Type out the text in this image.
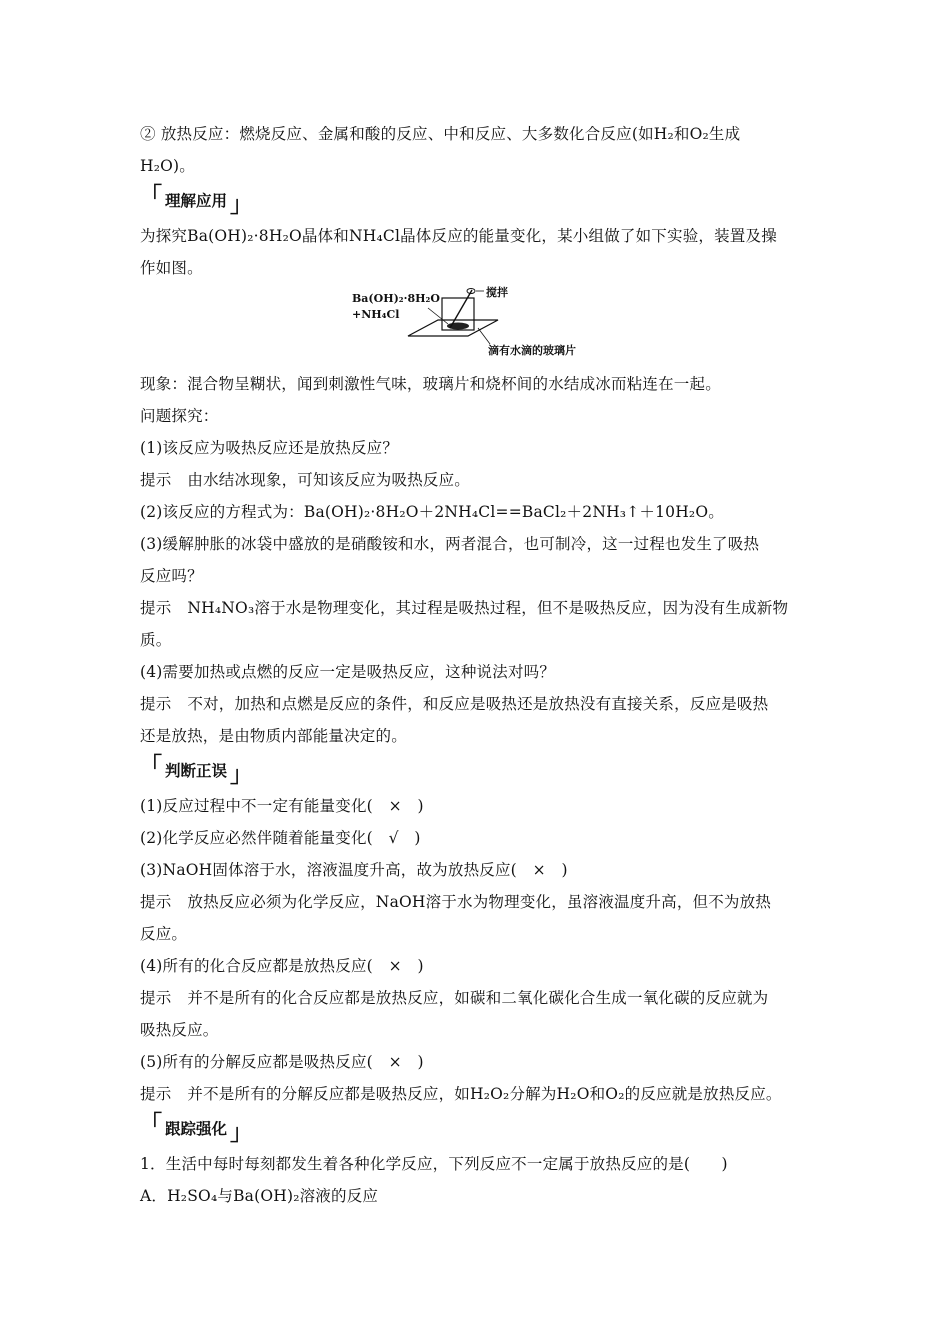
② 放热反应：燃烧反应、金属和酸的反应、中和反应、大多数化合反应(如H₂和O₂生成
H₂O)。
「 理解应用 」
为探究Ba(OH)₂·8H₂O晶体和NH₄Cl晶体反应的能量变化，某小组做了如下实验，装置及操
作如图。
Ba(OH)₂·8H₂O
+NH₄Cl
搅拌
滴有水滴的玻璃片
现象：混合物呈糊状，闻到刺激性气味，玻璃片和烧杯间的水结成冰而粘连在一起。
问题探究：
(1)该反应为吸热反应还是放热反应？
提示 由水结冰现象，可知该反应为吸热反应。
(2)该反应的方程式为：Ba(OH)₂·8H₂O＋2NH₄Cl==BaCl₂＋2NH₃↑＋10H₂O。
(3)缓解肿胀的冰袋中盛放的是硝酸铵和水，两者混合，也可制冷，这一过程也发生了吸热
反应吗？
提示 NH₄NO₃溶于水是物理变化，其过程是吸热过程，但不是吸热反应，因为没有生成新物
质。
(4)需要加热或点燃的反应一定是吸热反应，这种说法对吗？
提示 不对，加热和点燃是反应的条件，和反应是吸热还是放热没有直接关系，反应是吸热
还是放热，是由物质内部能量决定的。
「 判断正误 」
(1)反应过程中不一定有能量变化(　×　)
(2)化学反应必然伴随着能量变化(　√　)
(3)NaOH固体溶于水，溶液温度升高，故为放热反应(　×　)
提示 放热反应必须为化学反应，NaOH溶于水为物理变化，虽溶液温度升高，但不为放热
反应。
(4)所有的化合反应都是放热反应(　×　)
提示 并不是所有的化合反应都是放热反应，如碳和二氧化碳化合生成一氧化碳的反应就为
吸热反应。
(5)所有的分解反应都是吸热反应(　×　)
提示 并不是所有的分解反应都是吸热反应，如H₂O₂分解为H₂O和O₂的反应就是放热反应。
「 跟踪强化 」
1．生活中每时每刻都发生着各种化学反应，下列反应不一定属于放热反应的是(　　)
A．H₂SO₄与Ba(OH)₂溶液的反应
